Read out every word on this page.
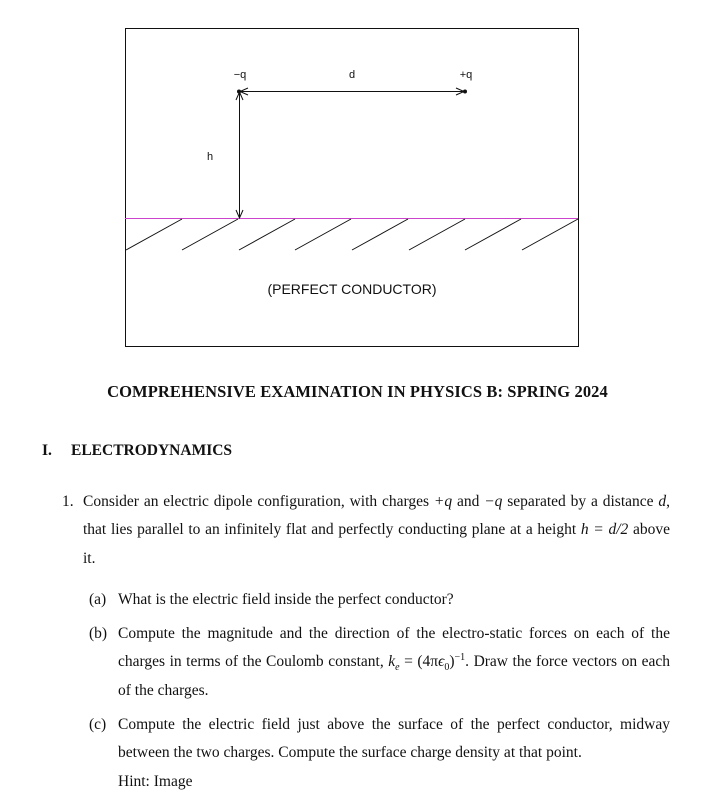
−q	+q
d
h
(PERFECT CONDUCTOR)
COMPREHENSIVE EXAMINATION IN PHYSICS B: SPRING 2024
I. ELECTRODYNAMICS
1. Consider an electric dipole configuration, with charges +q and −q separated by a distance d, that lies parallel to an infinitely flat and perfectly conducting plane at a height h = d/2 above it.
(a) What is the electric field inside the perfect conductor?
(b) Compute the magnitude and the direction of the electro-static forces on each of the charges in terms of the Coulomb constant, $k_e = (4\pi\epsilon_0)^{-1}$. Draw the force vectors on each of the charges.
(c) Compute the electric field just above the surface of the perfect conductor, midway between the two charges. Compute the surface charge density at that point.
Hint: Image
